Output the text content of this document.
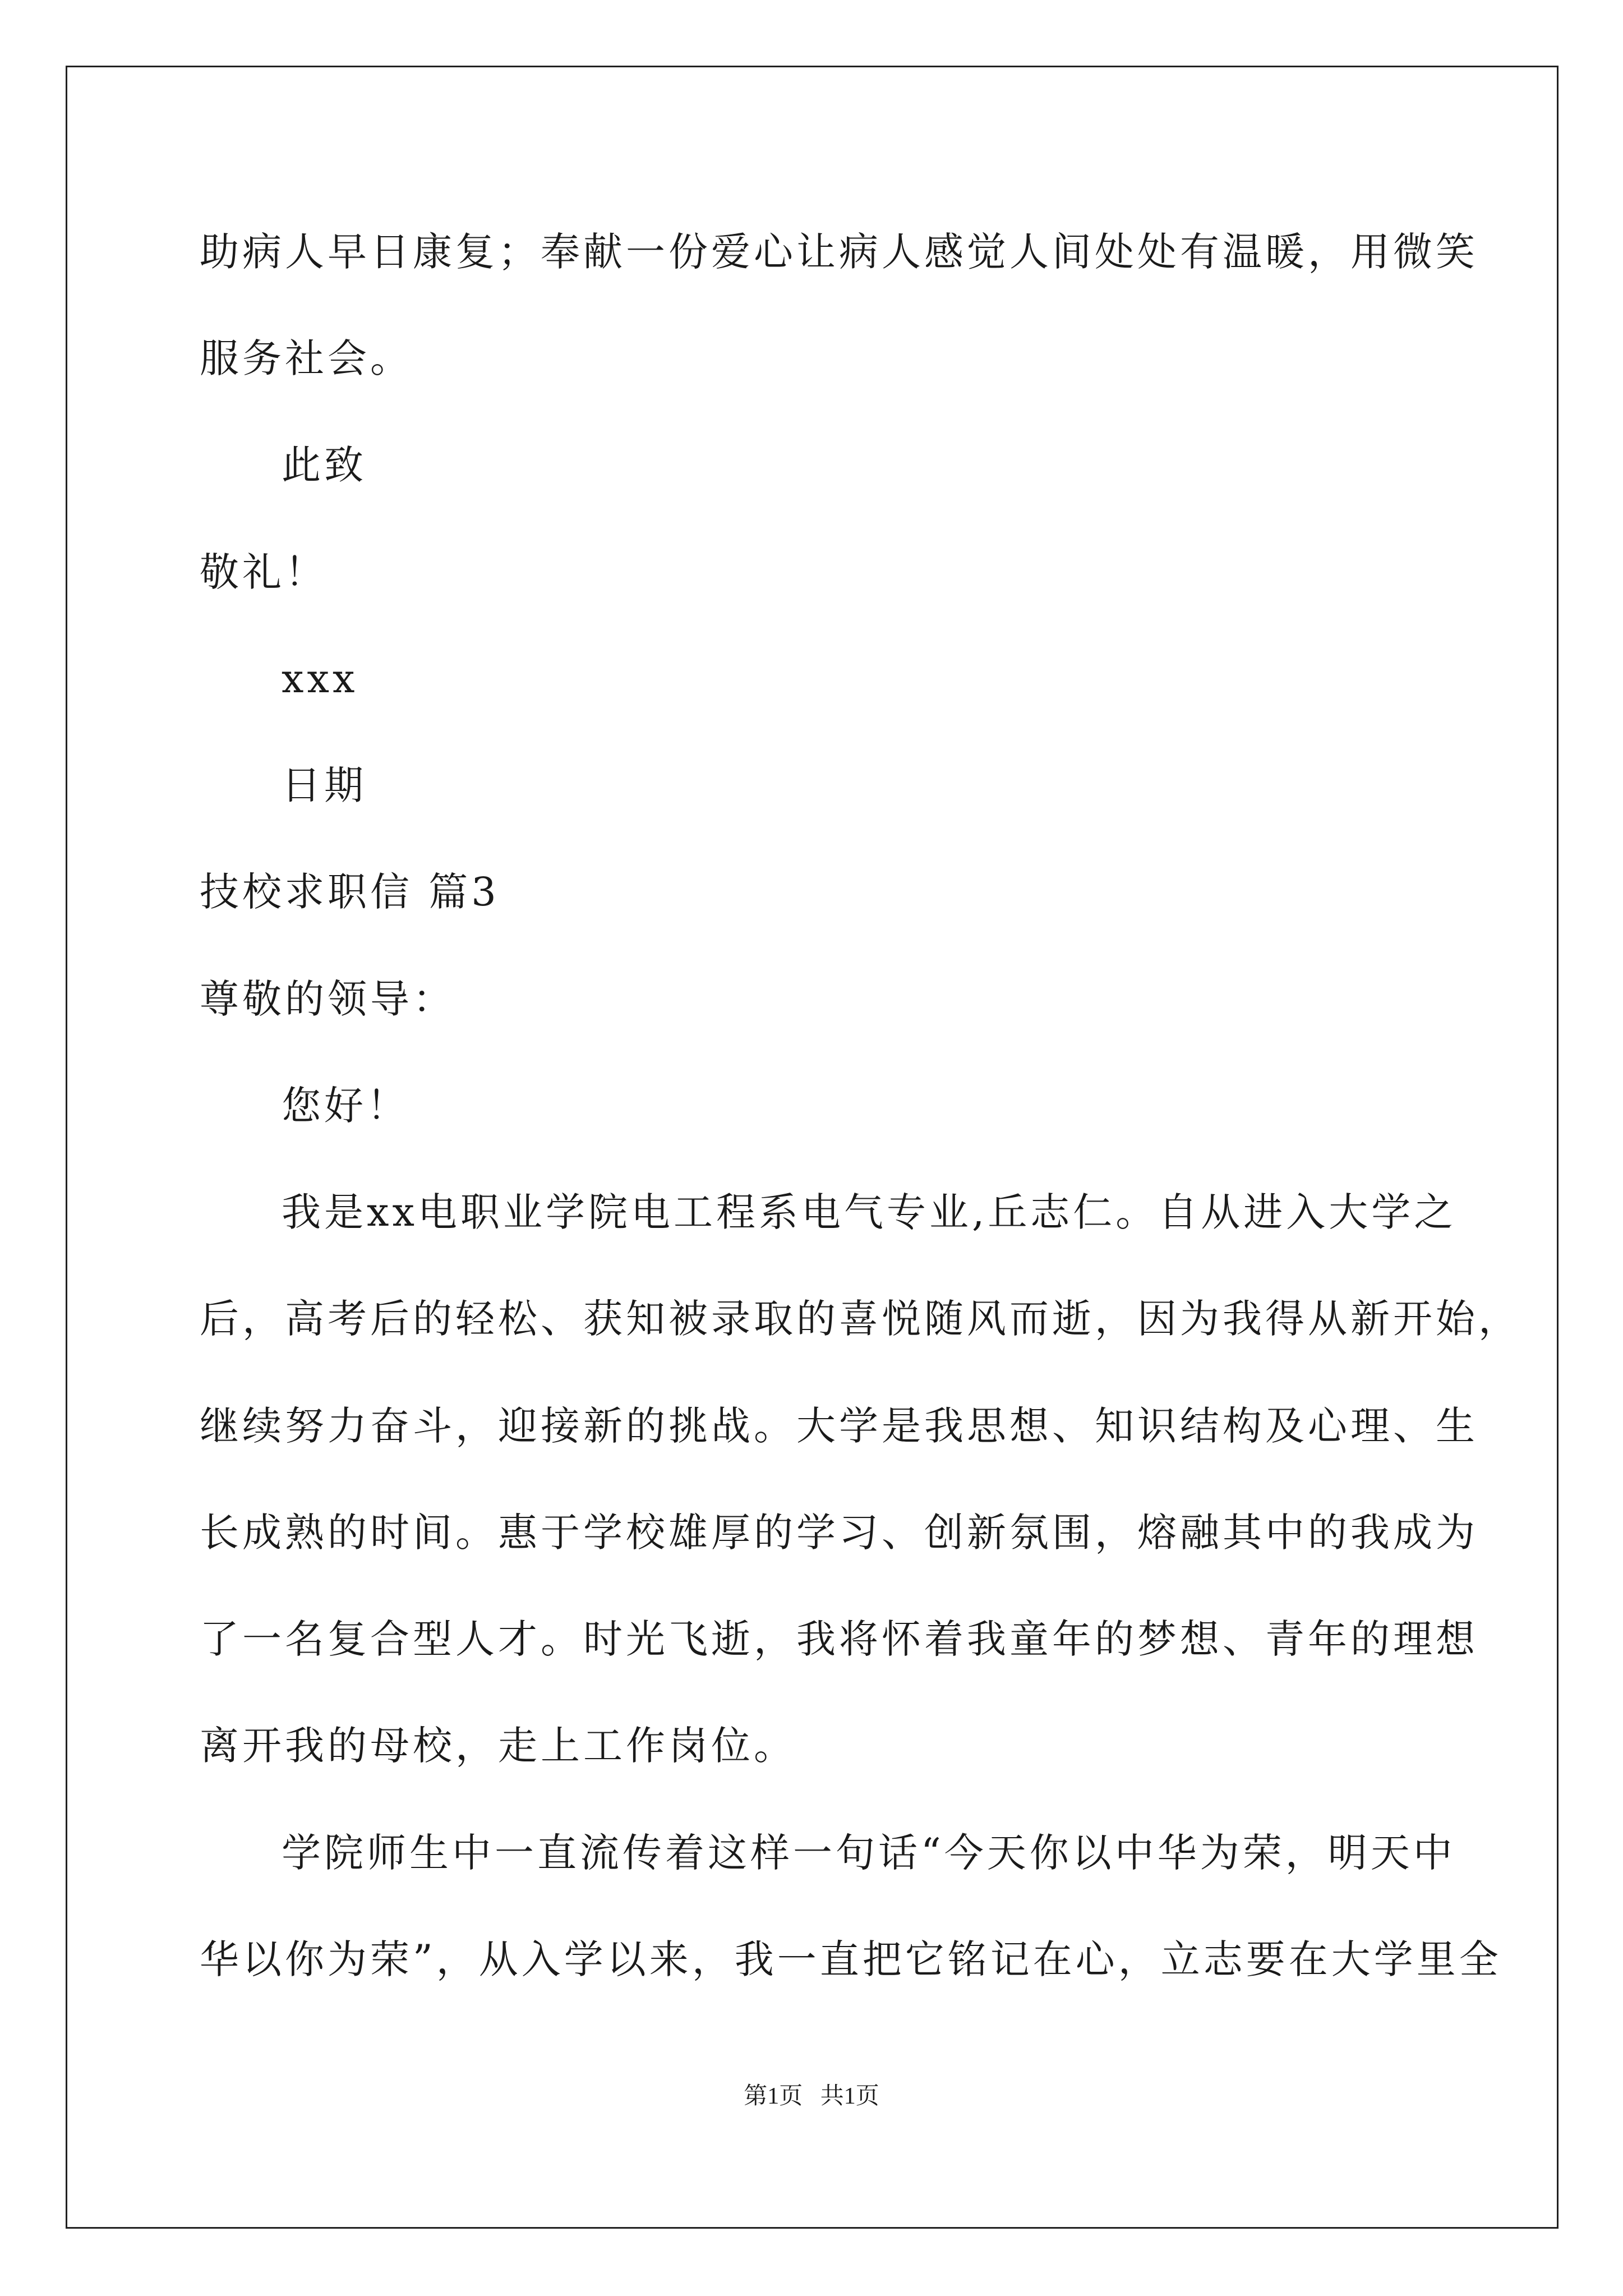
助病人早日康复；奉献一份爱心让病人感觉人间处处有温暖，用微笑
服务社会。
此致
敬礼！
xxx
日期
技校求职信 篇3
尊敬的领导：
您好！
我是xx电职业学院电工程系电气专业,丘志仁。自从进入大学之
后，高考后的轻松、获知被录取的喜悦随风而逝，因为我得从新开始，
继续努力奋斗，迎接新的挑战。大学是我思想、知识结构及心理、生
长成熟的时间。惠于学校雄厚的学习、创新氛围，熔融其中的我成为
了一名复合型人才。时光飞逝，我将怀着我童年的梦想、青年的理想
离开我的母校，走上工作岗位。
学院师生中一直流传着这样一句话“今天你以中华为荣，明天中
华以你为荣”，从入学以来，我一直把它铭记在心，立志要在大学里全
第1页   共1页
